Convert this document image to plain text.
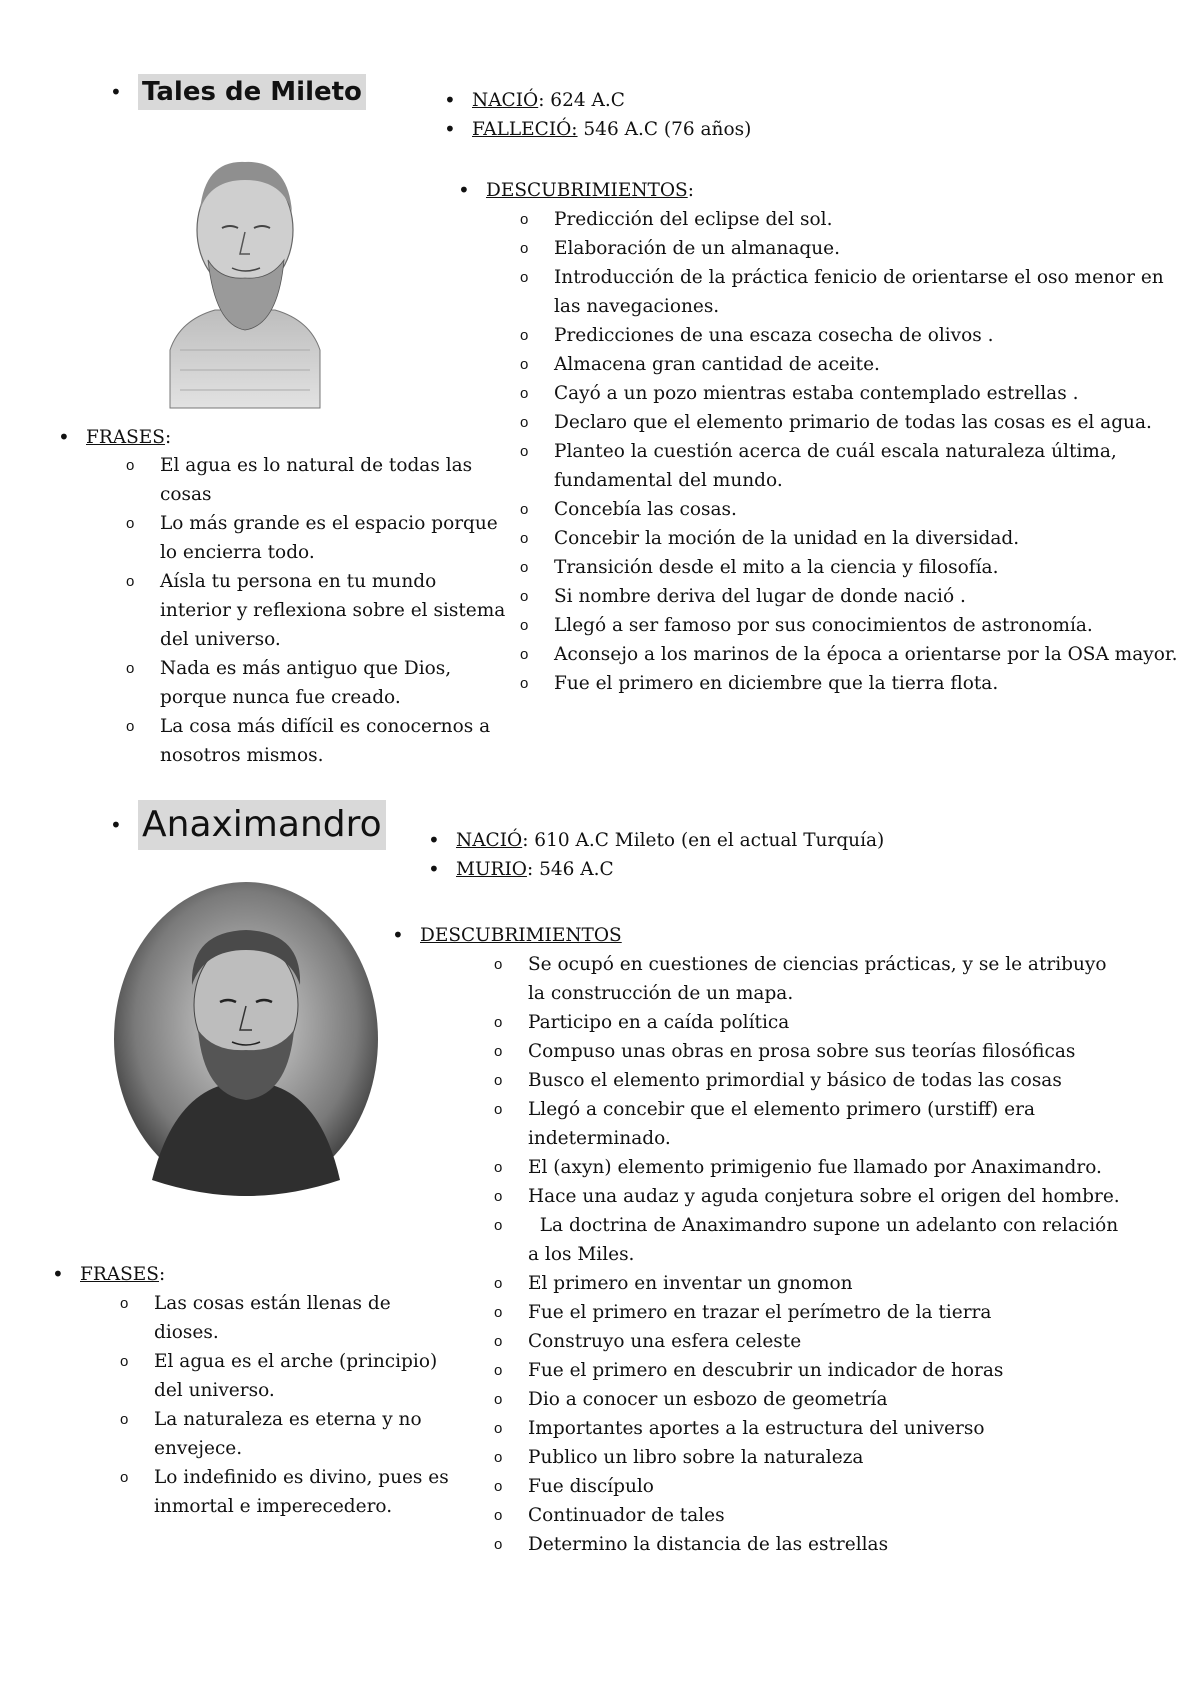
• Tales de Mileto	• NACIÓ: 624 A.C
• FALLECIÓ: 546 A.C (76 años)
• DESCUBRIMIENTOS:
o Predicción del eclipse del sol.
o Elaboración de un almanaque.
o Introducción de la práctica fenicio de orientarse el oso menor en las navegaciones.
o Predicciones de una escaza cosecha de olivos .
o Almacena gran cantidad de aceite.
o Cayó a un pozo mientras estaba contemplado estrellas .
o Declaro que el elemento primario de todas las cosas es el agua.
o Planteo la cuestión acerca de cuál escala naturaleza última, fundamental del mundo.
o Concebía las cosas.
o Concebir la moción de la unidad en la diversidad.
o Transición desde el mito a la ciencia y filosofía.
o Si nombre deriva del lugar de donde nació .
o Llegó a ser famoso por sus conocimientos de astronomía.
o Aconsejo a los marinos de la época a orientarse por la OSA mayor.
o Fue el primero en diciembre que la tierra flota.
• FRASES:
o El agua es lo natural de todas las cosas
o Lo más grande es el espacio porque lo encierra todo.
o Aísla tu persona en tu mundo interior y reflexiona sobre el sistema del universo.
o Nada es más antiguo que Dios, porque nunca fue creado.
o La cosa más difícil es conocernos a nosotros mismos.
• Anaximandro	• NACIÓ: 610 A.C Mileto (en el actual Turquía)
• MURIO: 546 A.C
• DESCUBRIMIENTOS
o Se ocupó en cuestiones de ciencias prácticas, y se le atribuyo la construcción de un mapa.
o Participo en a caída política
o Compuso unas obras en prosa sobre sus teorías filosóficas
o Busco el elemento primordial y básico de todas las cosas
o Llegó a concebir que el elemento primero (urstiff) era indeterminado.
o El (axyn) elemento primigenio fue llamado por Anaximandro.
o Hace una audaz y aguda conjetura sobre el origen del hombre.
o   La doctrina de Anaximandro supone un adelanto con relación a los Miles.
o El primero en inventar un gnomon
o Fue el primero en trazar el perímetro de la tierra
o Construyo una esfera celeste
o Fue el primero en descubrir un indicador de horas
o Dio a conocer un esbozo de geometría
o Importantes aportes a la estructura del universo
o Publico un libro sobre la naturaleza
o Fue discípulo
o Continuador de tales
o Determino la distancia de las estrellas
• FRASES:
o Las cosas están llenas de dioses.
o El agua es el arche (principio) del universo.
o La naturaleza es eterna y no envejece.
o Lo indefinido es divino, pues es inmortal e imperecedero.
